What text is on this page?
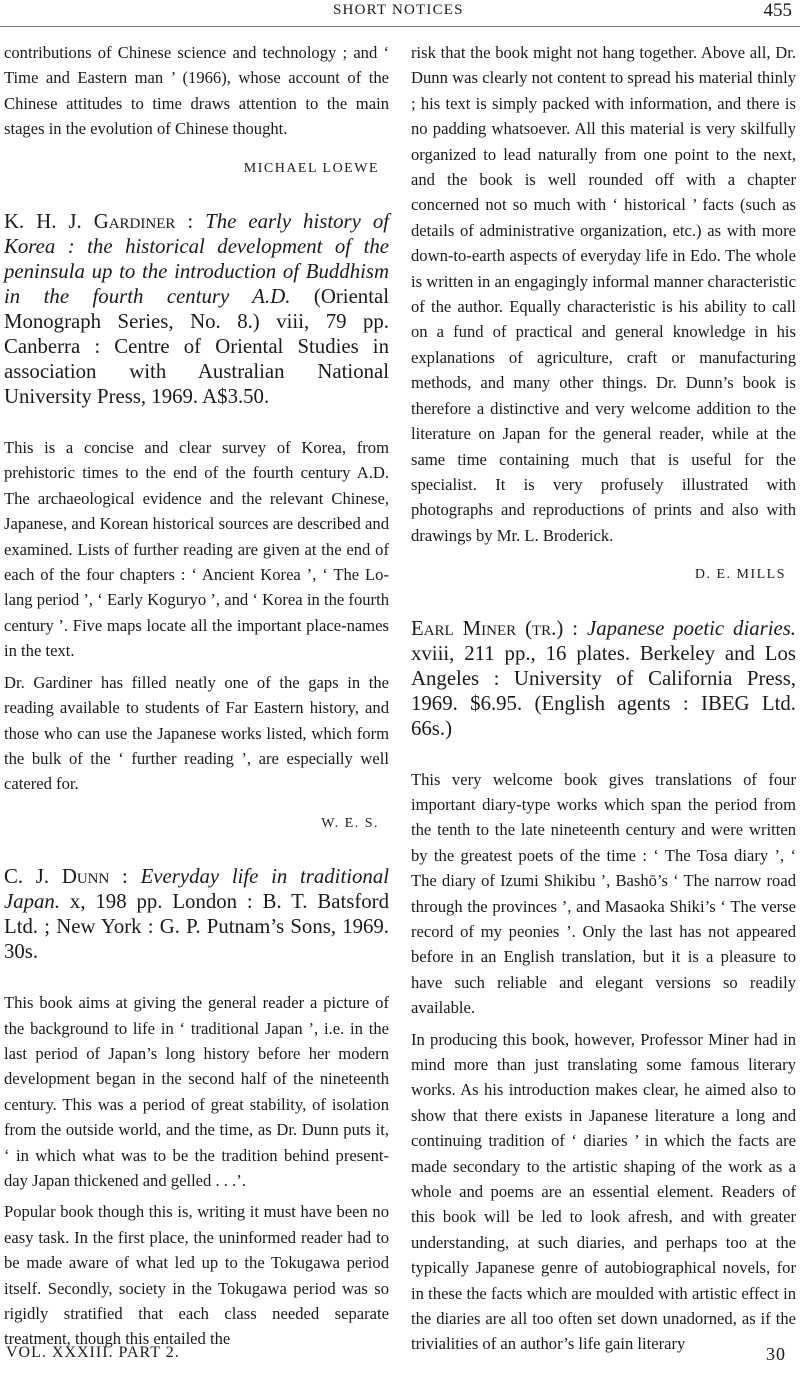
SHORT NOTICES	455

contributions of Chinese science and technology ; and ‘ Time and Eastern man ’ (1966), whose account of the Chinese attitudes to time draws attention to the main stages in the evolution of Chinese thought.

MICHAEL LOEWE
K. H. J. Gardiner : The early history of Korea : the historical development of the peninsula up to the introduction of Buddhism in the fourth century A.D. (Oriental Monograph Series, No. 8.) viii, 79 pp. Canberra : Centre of Oriental Studies in association with Australian National University Press, 1969. A$3.50.

This is a concise and clear survey of Korea, from prehistoric times to the end of the fourth century A.D. The archaeological evidence and the relevant Chinese, Japanese, and Korean historical sources are described and examined. Lists of further reading are given at the end of each of the four chapters : ‘ Ancient Korea ’, ‘ The Lo-lang period ’, ‘ Early Koguryo ’, and ‘ Korea in the fourth century ’. Five maps locate all the important place-names in the text.

Dr. Gardiner has filled neatly one of the gaps in the reading available to students of Far Eastern history, and those who can use the Japanese works listed, which form the bulk of the ‘ further reading ’, are especially well catered for.

W. E. S.
C. J. Dunn : Everyday life in traditional Japan. x, 198 pp. London : B. T. Batsford Ltd. ; New York : G. P. Putnam’s Sons, 1969. 30s.

This book aims at giving the general reader a picture of the background to life in ‘ traditional Japan ’, i.e. in the last period of Japan’s long history before her modern development began in the second half of the nineteenth century. This was a period of great stability, of isolation from the outside world, and the time, as Dr. Dunn puts it, ‘ in which what was to be the tradition behind present-day Japan thickened and gelled . . .’.

Popular book though this is, writing it must have been no easy task. In the first place, the uninformed reader had to be made aware of what led up to the Tokugawa period itself. Secondly, society in the Tokugawa period was so rigidly stratified that each class needed separate treatment, though this entailed the

risk that the book might not hang together. Above all, Dr. Dunn was clearly not content to spread his material thinly ; his text is simply packed with information, and there is no padding whatsoever. All this material is very skilfully organized to lead naturally from one point to the next, and the book is well rounded off with a chapter concerned not so much with ‘ historical ’ facts (such as details of administrative organization, etc.) as with more down-to-earth aspects of everyday life in Edo. The whole is written in an engagingly informal manner characteristic of the author. Equally characteristic is his ability to call on a fund of practical and general knowledge in his explanations of agriculture, craft or manufacturing methods, and many other things. Dr. Dunn’s book is therefore a distinctive and very welcome addition to the literature on Japan for the general reader, while at the same time containing much that is useful for the specialist. It is very profusely illustrated with photographs and reproductions of prints and also with drawings by Mr. L. Broderick.

D. E. MILLS
Earl Miner (tr.) : Japanese poetic diaries. xviii, 211 pp., 16 plates. Berkeley and Los Angeles : University of California Press, 1969. $6.95. (English agents : IBEG Ltd. 66s.)

This very welcome book gives translations of four important diary-type works which span the period from the tenth to the late nineteenth century and were written by the greatest poets of the time : ‘ The Tosa diary ’, ‘ The diary of Izumi Shikibu ’, Bashō’s ‘ The narrow road through the provinces ’, and Masaoka Shiki’s ‘ The verse record of my peonies ’. Only the last has not appeared before in an English translation, but it is a pleasure to have such reliable and elegant versions so readily available.

In producing this book, however, Professor Miner had in mind more than just translating some famous literary works. As his introduction makes clear, he aimed also to show that there exists in Japanese literature a long and continuing tradition of ‘ diaries ’ in which the facts are made secondary to the artistic shaping of the work as a whole and poems are an essential element. Readers of this book will be led to look afresh, and with greater understanding, at such diaries, and perhaps too at the typically Japanese genre of autobiographical novels, for in these the facts which are moulded with artistic effect in the diaries are all too often set down unadorned, as if the trivialities of an author’s life gain literary

VOL. XXXIII. PART 2.	30
